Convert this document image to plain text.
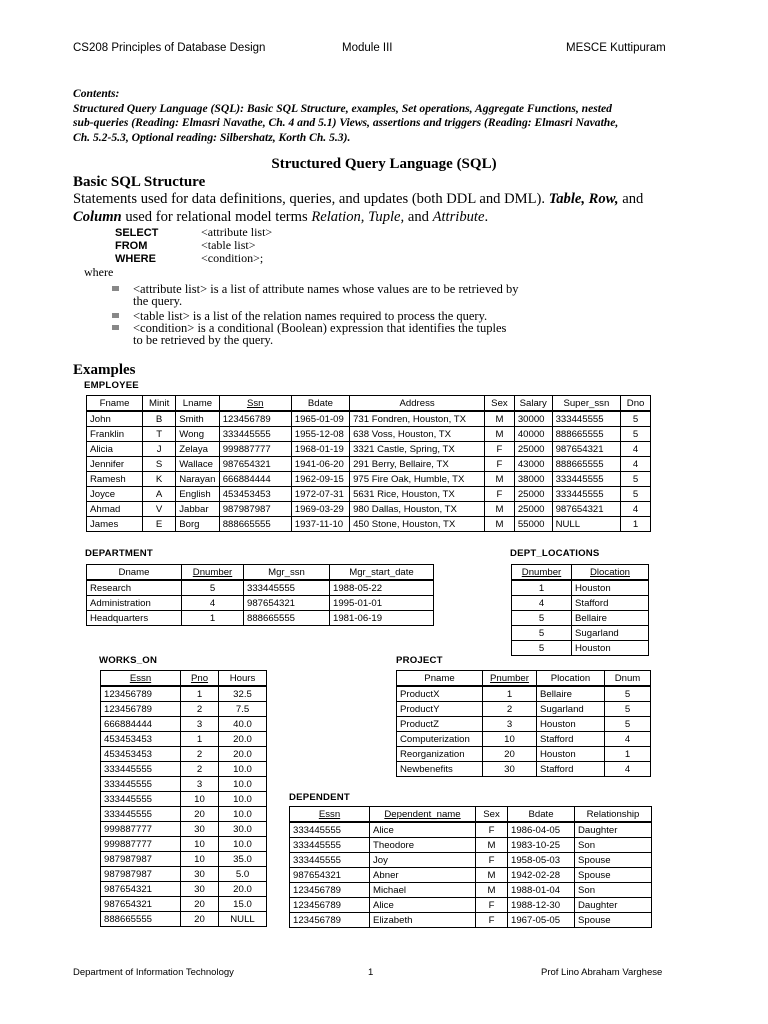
CS208 Principles of Database Design	Module III	MESCE Kuttipuram
Contents:
Structured Query Language (SQL): Basic SQL Structure, examples, Set operations, Aggregate Functions, nested
sub-queries (Reading: Elmasri Navathe, Ch. 4 and 5.1) Views, assertions and triggers (Reading: Elmasri Navathe,
Ch. 5.2-5.3, Optional reading: Silbershatz, Korth Ch. 5.3).
Structured Query Language (SQL)
Basic SQL Structure
Statements used for data definitions, queries, and updates (both DDL and DML). Table, Row, and
Column used for relational model terms Relation, Tuple, and Attribute.
SELECT	<attribute list>
FROM	<table list>
WHERE	<condition>;
where
<attribute list> is a list of attribute names whose values are to be retrieved by
the query.
<table list> is a list of the relation names required to process the query.
<condition> is a conditional (Boolean) expression that identifies the tuples
to be retrieved by the query.
Examples
EMPLOYEE
DEPARTMENT	DEPT_LOCATIONS
WORKS_ON	PROJECT
DEPENDENT
Fname	Minit	Lname	Ssn	Bdate	Address	Sex	Salary	Super_ssn	Dno
John	B	Smith	123456789	1965-01-09	731 Fondren, Houston, TX	M	30000	333445555	5
Franklin	T	Wong	333445555	1955-12-08	638 Voss, Houston, TX	M	40000	888665555	5
Alicia	J	Zelaya	999887777	1968-01-19	3321 Castle, Spring, TX	F	25000	987654321	4
Jennifer	S	Wallace	987654321	1941-06-20	291 Berry, Bellaire, TX	F	43000	888665555	4
Ramesh	K	Narayan	666884444	1962-09-15	975 Fire Oak, Humble, TX	M	38000	333445555	5
Joyce	A	English	453453453	1972-07-31	5631 Rice, Houston, TX	F	25000	333445555	5
Ahmad	V	Jabbar	987987987	1969-03-29	980 Dallas, Houston, TX	M	25000	987654321	4
James	E	Borg	888665555	1937-11-10	450 Stone, Houston, TX	M	55000	NULL	1
Dname	Dnumber	Mgr_ssn	Mgr_start_date
Research	5	333445555	1988-05-22
Administration	4	987654321	1995-01-01
Headquarters	1	888665555	1981-06-19
Dnumber	Dlocation
1	Houston
4	Stafford
5	Bellaire
5	Sugarland
5	Houston
Essn	Pno	Hours
123456789	1	32.5
123456789	2	7.5
666884444	3	40.0
453453453	1	20.0
453453453	2	20.0
333445555	2	10.0
333445555	3	10.0
333445555	10	10.0
333445555	20	10.0
999887777	30	30.0
999887777	10	10.0
987987987	10	35.0
987987987	30	5.0
987654321	30	20.0
987654321	20	15.0
888665555	20	NULL
Pname	Pnumber	Plocation	Dnum
ProductX	1	Bellaire	5
ProductY	2	Sugarland	5
ProductZ	3	Houston	5
Computerization	10	Stafford	4
Reorganization	20	Houston	1
Newbenefits	30	Stafford	4
Essn	Dependent_name	Sex	Bdate	Relationship
333445555	Alice	F	1986-04-05	Daughter
333445555	Theodore	M	1983-10-25	Son
333445555	Joy	F	1958-05-03	Spouse
987654321	Abner	M	1942-02-28	Spouse
123456789	Michael	M	1988-01-04	Son
123456789	Alice	F	1988-12-30	Daughter
123456789	Elizabeth	F	1967-05-05	Spouse
Department of Information Technology	1	Prof Lino Abraham Varghese
